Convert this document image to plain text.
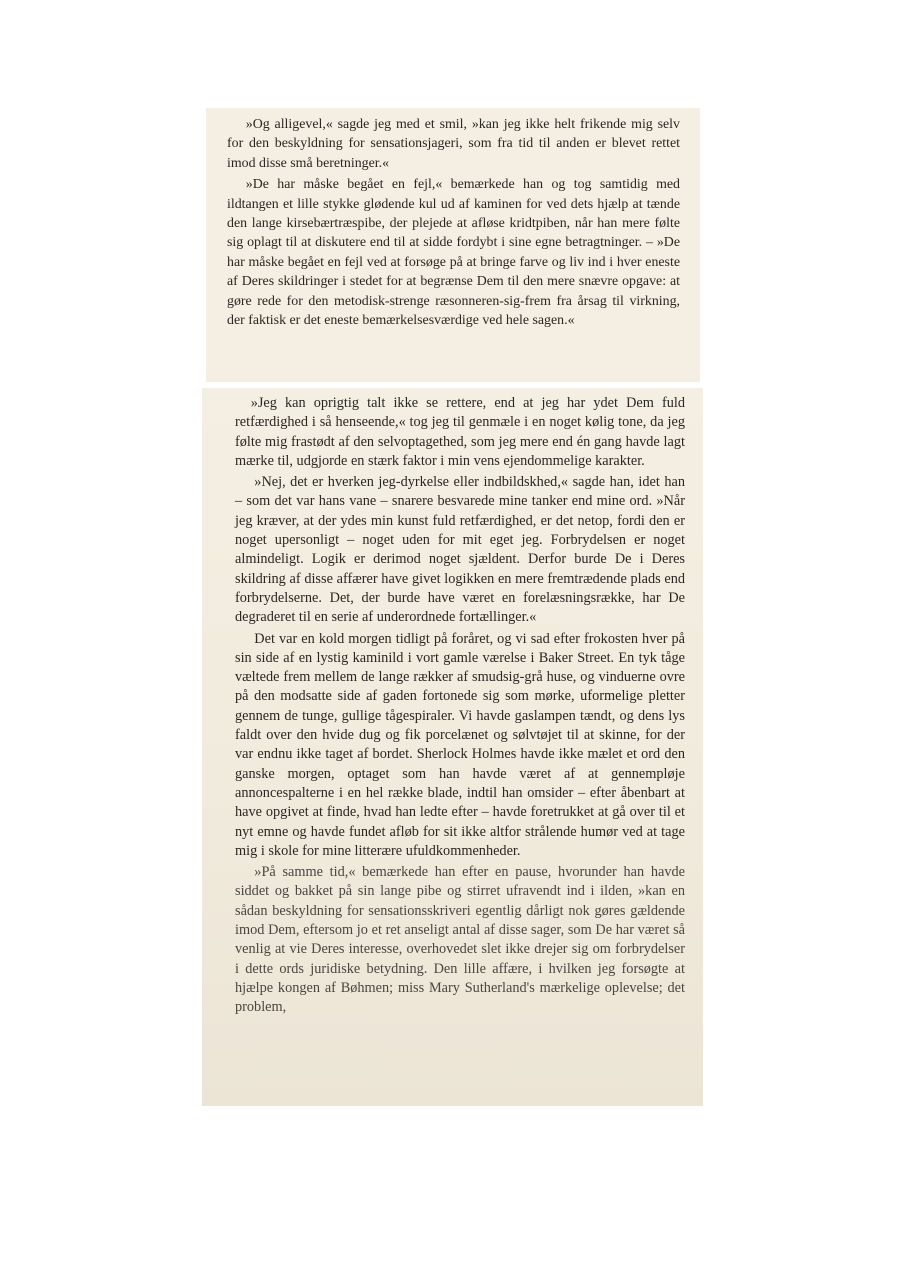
»Og alligevel,« sagde jeg med et smil, »kan jeg ikke helt frikende mig selv for den beskyldning for sensationsjageri, som fra tid til anden er blevet rettet imod disse små beretninger.«

»De har måske begået en fejl,« bemærkede han og tog samtidig med ildtangen et lille stykke glødende kul ud af kaminen for ved dets hjælp at tænde den lange kirsebærtræspibe, der plejede at afløse kridtpiben, når han mere følte sig oplagt til at diskutere end til at sidde fordybt i sine egne betragtninger. – »De har måske begået en fejl ved at forsøge på at bringe farve og liv ind i hver eneste af Deres skildringer i stedet for at begrænse Dem til den mere snævre opgave: at gøre rede for den metodisk-strenge ræsonneren-sig-frem fra årsag til virkning, der faktisk er det eneste bemærkelsesværdige ved hele sagen.«

»Jeg kan oprigtig talt ikke se rettere, end at jeg har ydet Dem fuld retfærdighed i så henseende,« tog jeg til genmæle i en noget kølig tone, da jeg følte mig frastødt af den selvoptagethed, som jeg mere end én gang havde lagt mærke til, udgjorde en stærk faktor i min vens ejendommelige karakter.

»Nej, det er hverken jeg-dyrkelse eller indbildskhed,« sagde han, idet han – som det var hans vane – snarere besvarede mine tanker end mine ord. »Når jeg kræver, at der ydes min kunst fuld retfærdighed, er det netop, fordi den er noget upersonligt – noget uden for mit eget jeg. Forbrydelsen er noget almindeligt. Logik er derimod noget sjældent. Derfor burde De i Deres skildring af disse affærer have givet logikken en mere fremtrædende plads end forbrydelserne. Det, der burde have været en forelæsningsrække, har De degraderet til en serie af underordnede fortællinger.«

Det var en kold morgen tidligt på foråret, og vi sad efter frokosten hver på sin side af en lystig kaminild i vort gamle værelse i Baker Street. En tyk tåge væltede frem mellem de lange rækker af smudsig-grå huse, og vinduerne ovre på den modsatte side af gaden fortonede sig som mørke, uformelige pletter gennem de tunge, gullige tågespiraler. Vi havde gaslampen tændt, og dens lys faldt over den hvide dug og fik porcelænet og sølvtøjet til at skinne, for der var endnu ikke taget af bordet. Sherlock Holmes havde ikke mælet et ord den ganske morgen, optaget som han havde været af at gennempløje annoncespalterne i en hel række blade, indtil han omsider – efter åbenbart at have opgivet at finde, hvad han ledte efter – havde foretrukket at gå over til et nyt emne og havde fundet afløb for sit ikke altfor strålende humør ved at tage mig i skole for mine litterære ufuldkommenheder.

»På samme tid,« bemærkede han efter en pause, hvorunder han havde siddet og bakket på sin lange pibe og stirret ufravendt ind i ilden, »kan en sådan beskyldning for sensationsskriveri egentlig dårligt nok gøres gældende imod Dem, eftersom jo et ret anseligt antal af disse sager, som De har været så venlig at vie Deres interesse, overhovedet slet ikke drejer sig om forbrydelser i dette ords juridiske betydning. Den lille affære, i hvilken jeg forsøgte at hjælpe kongen af Bøhmen; miss Mary Sutherland's mærkelige oplevelse; det problem,
